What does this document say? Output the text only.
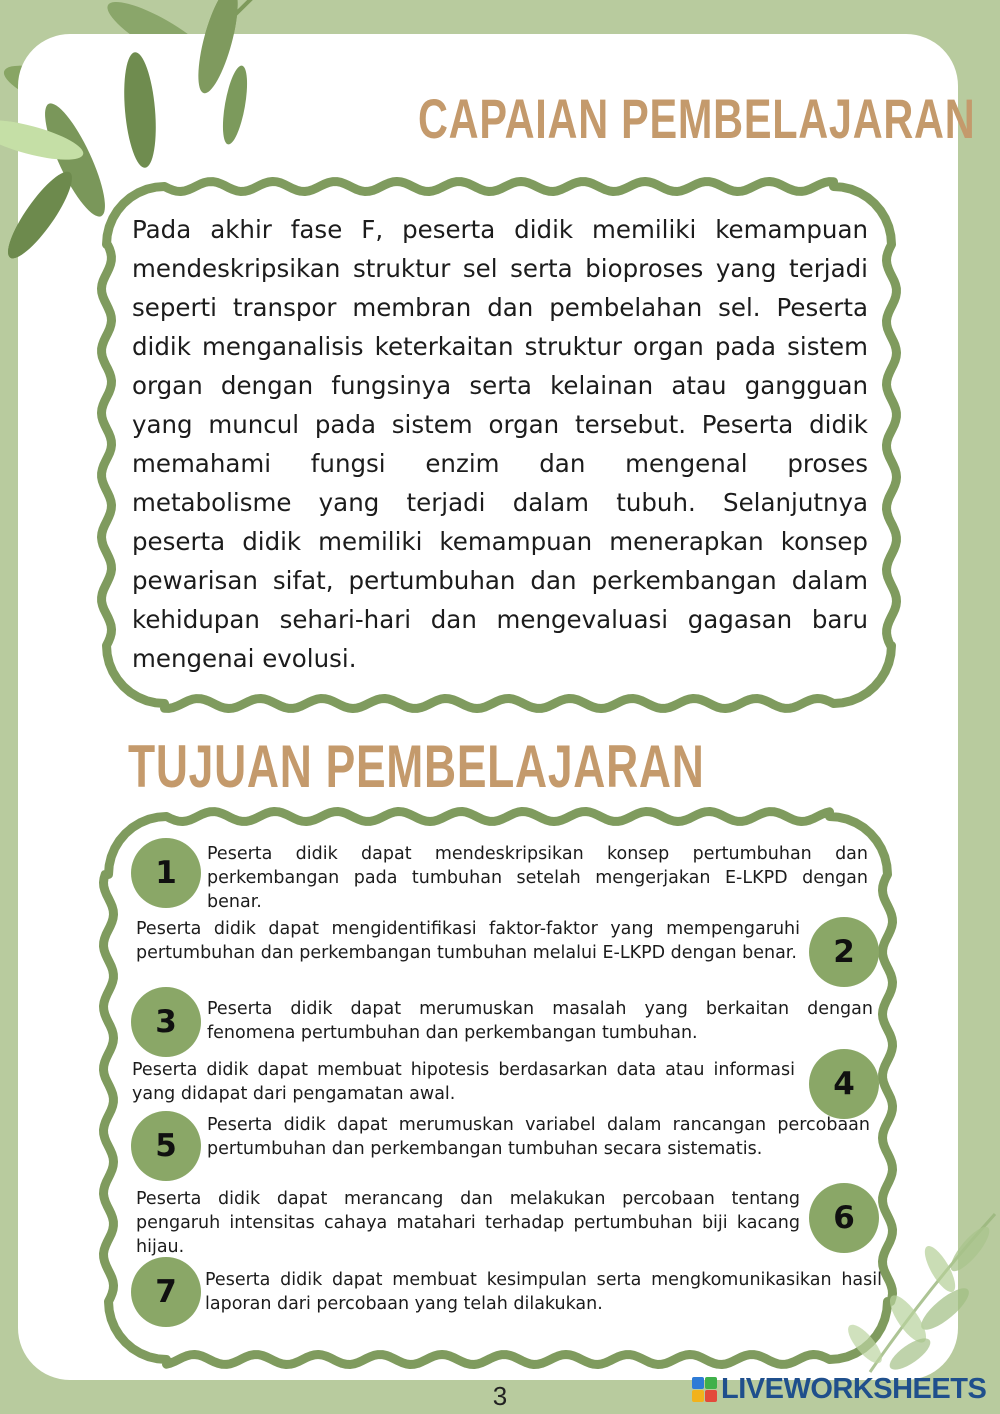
CAPAIAN PEMBELAJARAN

Pada akhir fase F, peserta didik memiliki kemampuan mendeskripsikan struktur sel serta bioproses yang terjadi seperti transpor membran dan pembelahan sel. Peserta didik menganalisis keterkaitan struktur organ pada sistem organ dengan fungsinya serta kelainan atau gangguan yang muncul pada sistem organ tersebut. Peserta didik memahami fungsi enzim dan mengenal proses metabolisme yang terjadi dalam tubuh. Selanjutnya peserta didik memiliki kemampuan menerapkan konsep pewarisan sifat, pertumbuhan dan perkembangan dalam kehidupan sehari-hari dan mengevaluasi gagasan baru mengenai evolusi.

TUJUAN PEMBELAJARAN
1

Peserta didik dapat mendeskripsikan konsep pertumbuhan dan perkembangan pada tumbuhan setelah mengerjakan E-LKPD dengan benar.

2

Peserta didik dapat mengidentifikasi faktor-faktor yang mempengaruhi pertumbuhan dan perkembangan tumbuhan melalui E-LKPD dengan benar.

3	Peserta didik dapat merumuskan masalah yang berkaitan dengan fenomena pertumbuhan dan perkembangan tumbuhan.

4

Peserta didik dapat membuat hipotesis berdasarkan data atau informasi yang didapat dari pengamatan awal.

5

Peserta didik dapat merumuskan variabel dalam rancangan percobaan pertumbuhan dan perkembangan tumbuhan secara sistematis.

6

Peserta didik dapat merancang dan melakukan percobaan tentang pengaruh intensitas cahaya matahari terhadap pertumbuhan biji kacang hijau.

7	Peserta didik dapat membuat kesimpulan serta mengkomunikasikan hasil laporan dari percobaan yang telah dilakukan.

3	LIVEWORKSHEETS
